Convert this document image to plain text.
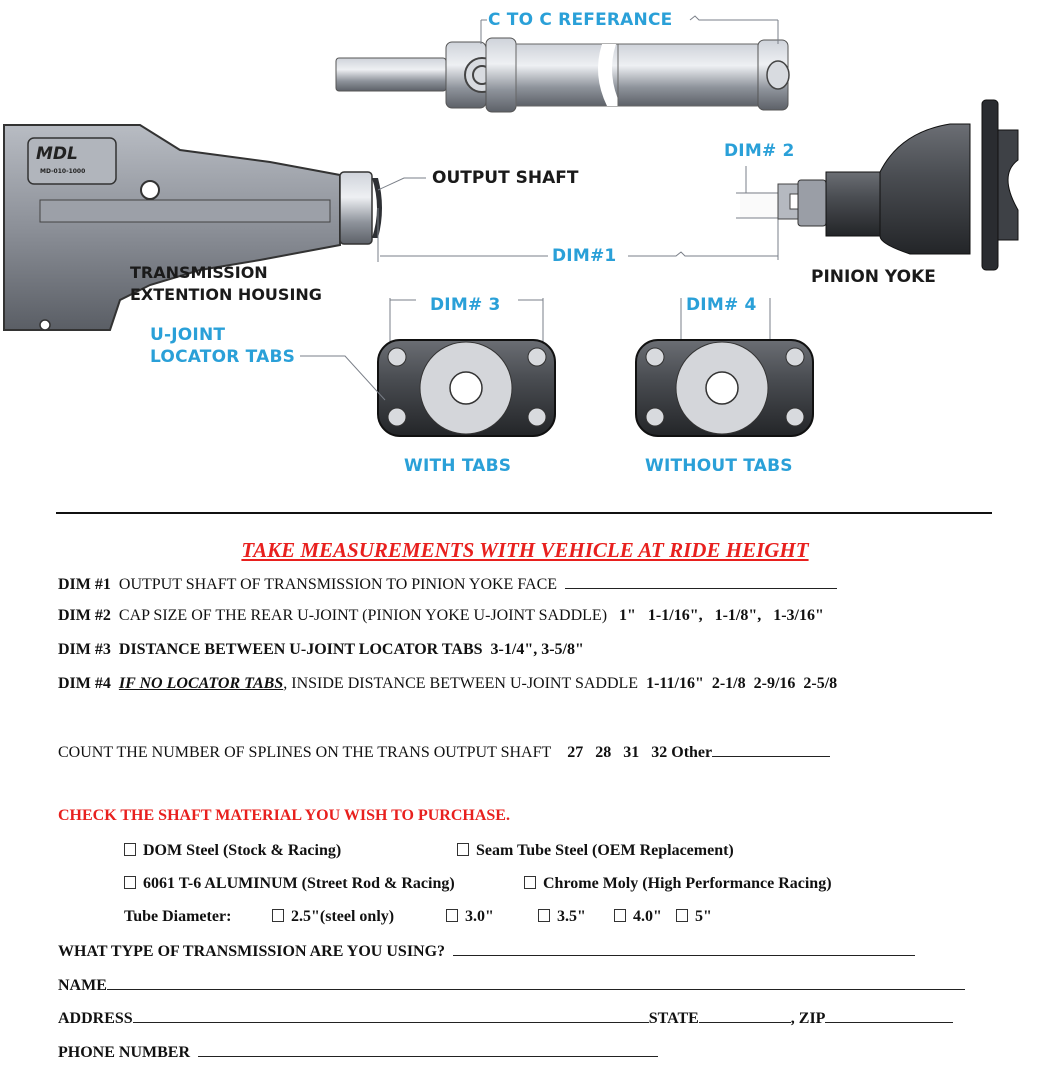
C TO C REFERANCE
MDL
MD-010-1000	OUTPUT SHAFT
DIM# 2
DIM#1
PINION YOKE
TRANSMISSION
EXTENTION HOUSING
U-JOINT
LOCATOR TABS
DIM# 3	DIM# 4
WITH TABS	WITHOUT TABS
TAKE MEASUREMENTS WITH VEHICLE AT RIDE HEIGHT
DIM #1 OUTPUT SHAFT OF TRANSMISSION TO PINION YOKE FACE
DIM #2 CAP SIZE OF THE REAR U-JOINT (PINION YOKE U-JOINT SADDLE) 1"   1-1/16",   1-1/8",   1-3/16"
DIM #3 DISTANCE BETWEEN U-JOINT LOCATOR TABS 3-1/4", 3-5/8"
DIM #4 IF NO LOCATOR TABS, INSIDE DISTANCE BETWEEN U-JOINT SADDLE 1-11/16"  2-1/8  2-9/16  2-5/8
COUNT THE NUMBER OF SPLINES ON THE TRANS OUTPUT SHAFT 27 28 31 32 Other
CHECK THE SHAFT MATERIAL YOU WISH TO PURCHASE.
DOM Steel (Stock & Racing)	Seam Tube Steel (OEM Replacement)
6061 T-6 ALUMINUM (Street Rod & Racing)	Chrome Moly (High Performance Racing)
Tube Diameter:	2.5"(steel only)	3.0"	3.5"	4.0"	5"
WHAT TYPE OF TRANSMISSION ARE YOU USING?
NAME
ADDRESS	STATE	, ZIP
PHONE NUMBER
